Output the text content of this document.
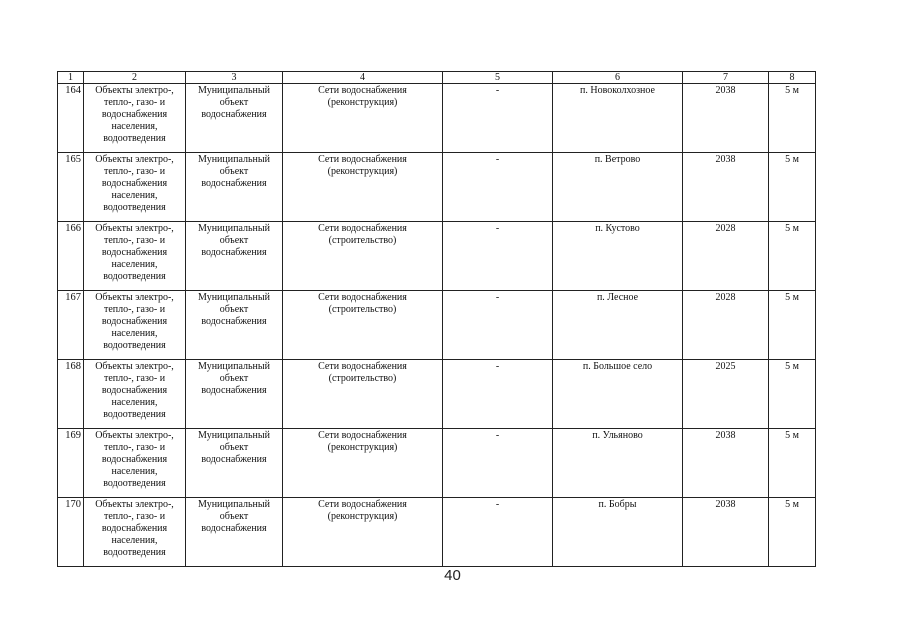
1	2	3	4	5	6	7	8
164	Объекты электро-,
тепло-, газо- и
водоснабжения
населения,
водоотведения	Муниципальный
объект
водоснабжения	Сети водоснабжения
(реконструкция)	-	п. Новоколхозное	2038	5 м
165	Объекты электро-,
тепло-, газо- и
водоснабжения
населения,
водоотведения	Муниципальный
объект
водоснабжения	Сети водоснабжения
(реконструкция)	-	п. Ветрово	2038	5 м
166	Объекты электро-,
тепло-, газо- и
водоснабжения
населения,
водоотведения	Муниципальный
объект
водоснабжения	Сети водоснабжения
(строительство)	-	п. Кустово	2028	5 м
167	Объекты электро-,
тепло-, газо- и
водоснабжения
населения,
водоотведения	Муниципальный
объект
водоснабжения	Сети водоснабжения
(строительство)	-	п. Лесное	2028	5 м
168	Объекты электро-,
тепло-, газо- и
водоснабжения
населения,
водоотведения	Муниципальный
объект
водоснабжения	Сети водоснабжения
(строительство)	-	п. Большое село	2025	5 м
169	Объекты электро-,
тепло-, газо- и
водоснабжения
населения,
водоотведения	Муниципальный
объект
водоснабжения	Сети водоснабжения
(реконструкция)	-	п. Ульяново	2038	5 м
170	Объекты электро-,
тепло-, газо- и
водоснабжения
населения,
водоотведения	Муниципальный
объект
водоснабжения	Сети водоснабжения
(реконструкция)	-	п. Бобры	2038	5 м
40
